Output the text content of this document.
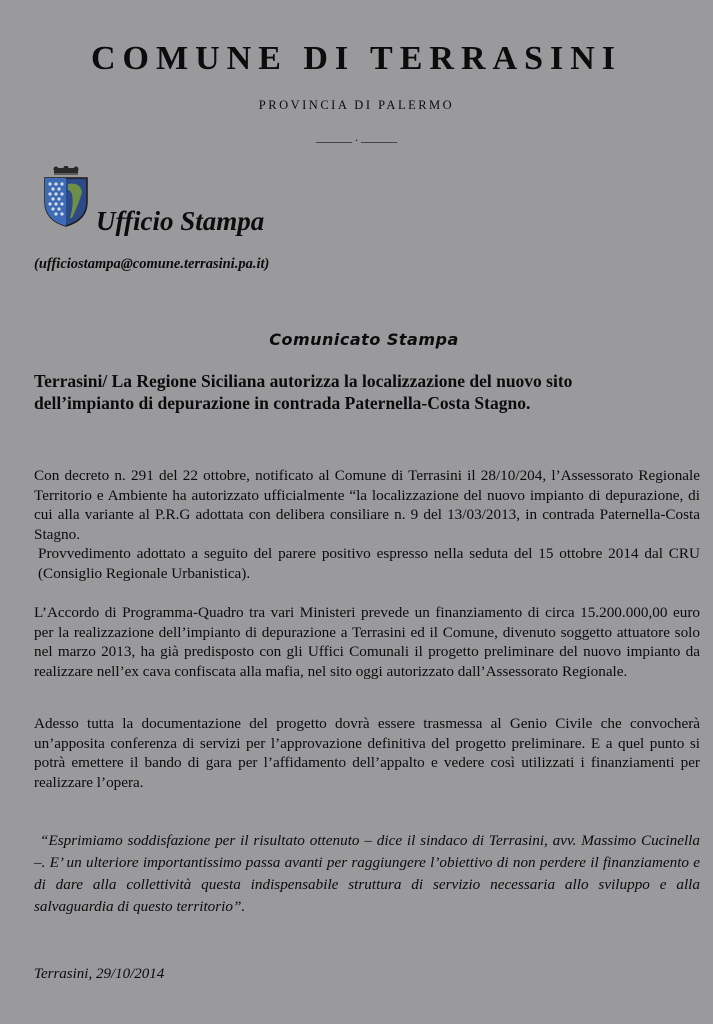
COMUNE DI TERRASINI
PROVINCIA DI PALERMO
______ . ______
Ufficio Stampa
(ufficiostampa@comune.terrasini.pa.it)
Comunicato Stampa
Terrasini/ La Regione Siciliana autorizza la localizzazione del nuovo sito dell’impianto di depurazione in contrada Paternella-Costa Stagno.
Con decreto n. 291 del 22 ottobre, notificato al Comune di Terrasini il 28/10/204, l’Assessorato Regionale Territorio e Ambiente ha autorizzato ufficialmente “la localizzazione del nuovo impianto di depurazione, di cui alla variante al P.R.G adottata con delibera consiliare n. 9 del 13/03/2013, in contrada Paternella-Costa Stagno.
Provvedimento adottato a seguito del parere positivo espresso nella seduta del 15 ottobre 2014 dal CRU (Consiglio Regionale Urbanistica).
L’Accordo di Programma-Quadro tra vari Ministeri prevede un finanziamento di circa 15.200.000,00 euro per la realizzazione dell’impianto di depurazione a Terrasini ed il Comune, divenuto soggetto attuatore solo nel marzo 2013, ha già predisposto con gli Uffici Comunali il progetto preliminare del nuovo impianto da realizzare nell’ex cava confiscata alla mafia, nel sito oggi autorizzato dall’Assessorato Regionale.
Adesso tutta la documentazione del progetto dovrà essere trasmessa al Genio Civile che convocherà un’apposita conferenza di servizi per l’approvazione definitiva del progetto preliminare. E a quel punto si potrà emettere il bando di gara per l’affidamento dell’appalto e vedere così utilizzati i finanziamenti per realizzare l’opera.
“Esprimiamo soddisfazione per il risultato ottenuto – dice il sindaco di Terrasini, avv. Massimo Cucinella –. E’ un ulteriore importantissimo passa avanti per raggiungere l’obiettivo di non perdere il finanziamento e di dare alla collettività questa indispensabile struttura di servizio necessaria allo sviluppo e alla salvaguardia di questo territorio”.
Terrasini, 29/10/2014
